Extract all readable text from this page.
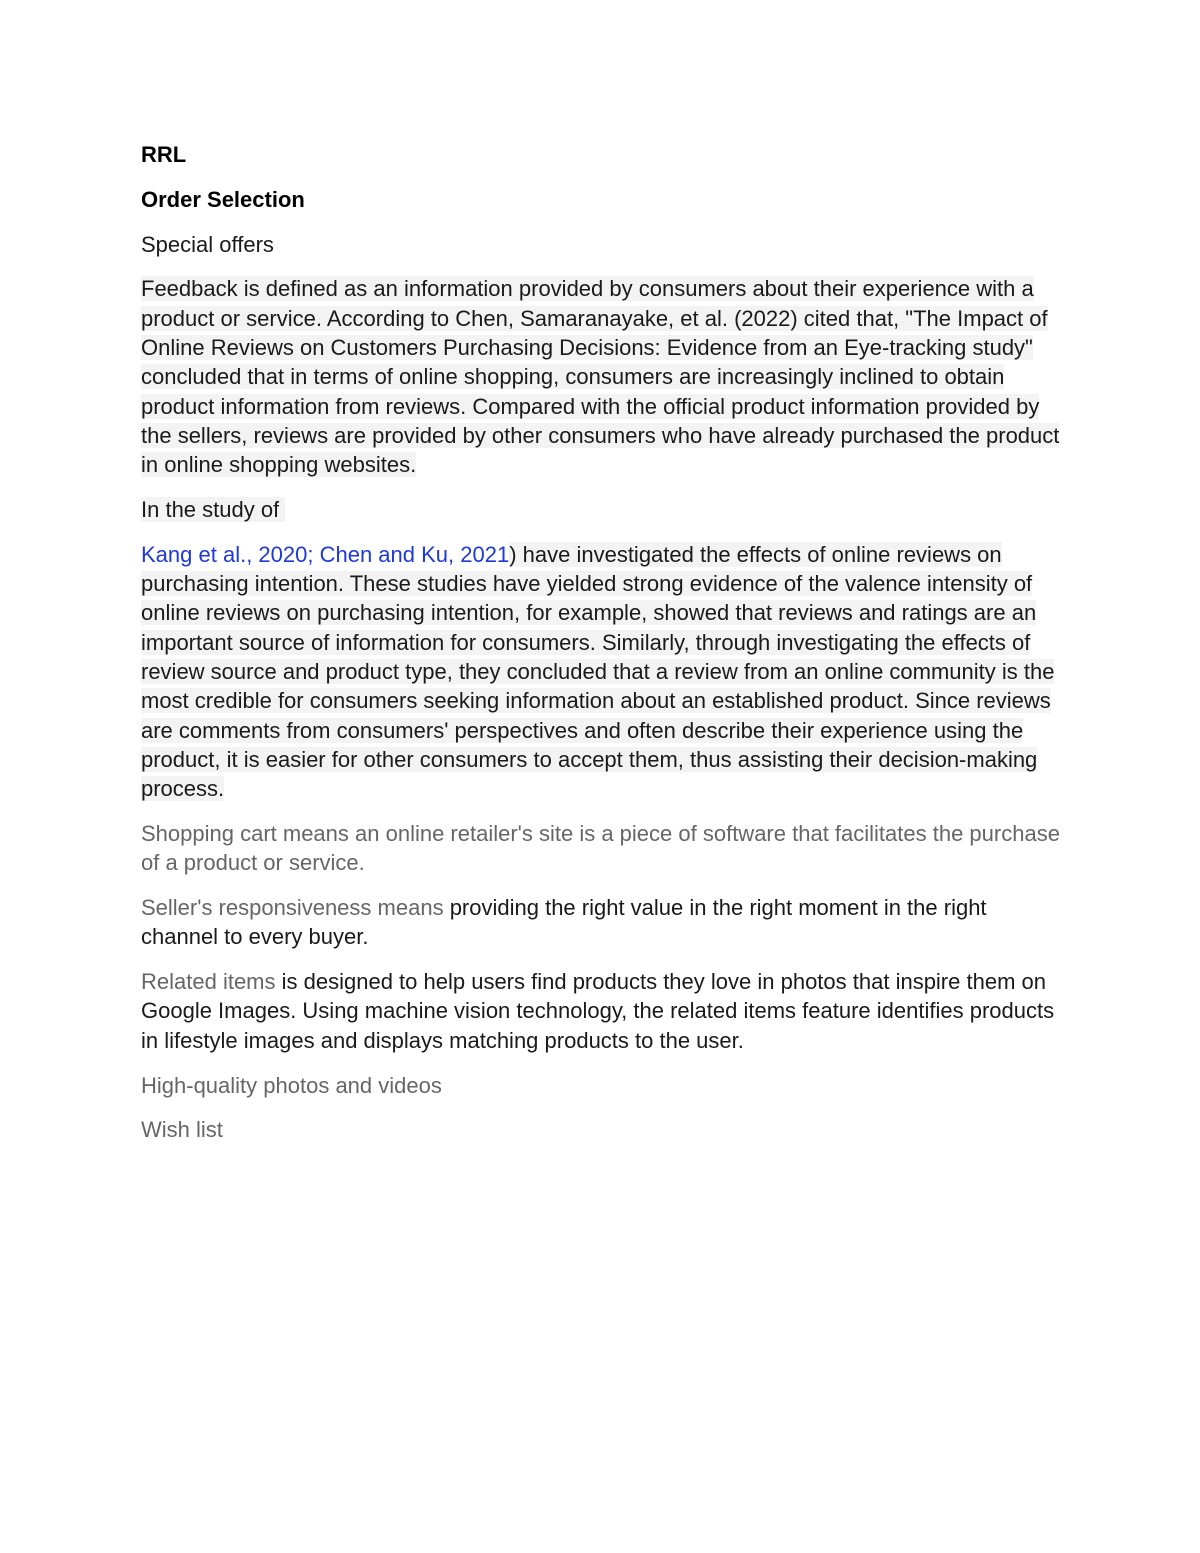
RRL

Order Selection

Special offers

Feedback is defined as an information provided by consumers about their experience with a product or service. According to Chen, Samaranayake, et al. (2022) cited that, "The Impact of Online Reviews on Customers Purchasing Decisions: Evidence from an Eye-tracking study" concluded that in terms of online shopping, consumers are increasingly inclined to obtain product information from reviews. Compared with the official product information provided by the sellers, reviews are provided by other consumers who have already purchased the product in online shopping websites.

In the study of

Kang et al., 2020; Chen and Ku, 2021) have investigated the effects of online reviews on purchasing intention. These studies have yielded strong evidence of the valence intensity of online reviews on purchasing intention, for example, showed that reviews and ratings are an important source of information for consumers. Similarly, through investigating the effects of review source and product type, they concluded that a review from an online community is the most credible for consumers seeking information about an established product. Since reviews are comments from consumers' perspectives and often describe their experience using the product, it is easier for other consumers to accept them, thus assisting their decision-making process.

Shopping cart means an online retailer's site is a piece of software that facilitates the purchase of a product or service.

Seller's responsiveness means providing the right value in the right moment in the right channel to every buyer.

Related items is designed to help users find products they love in photos that inspire them on Google Images. Using machine vision technology, the related items feature identifies products in lifestyle images and displays matching products to the user.

High-quality photos and videos

Wish list
